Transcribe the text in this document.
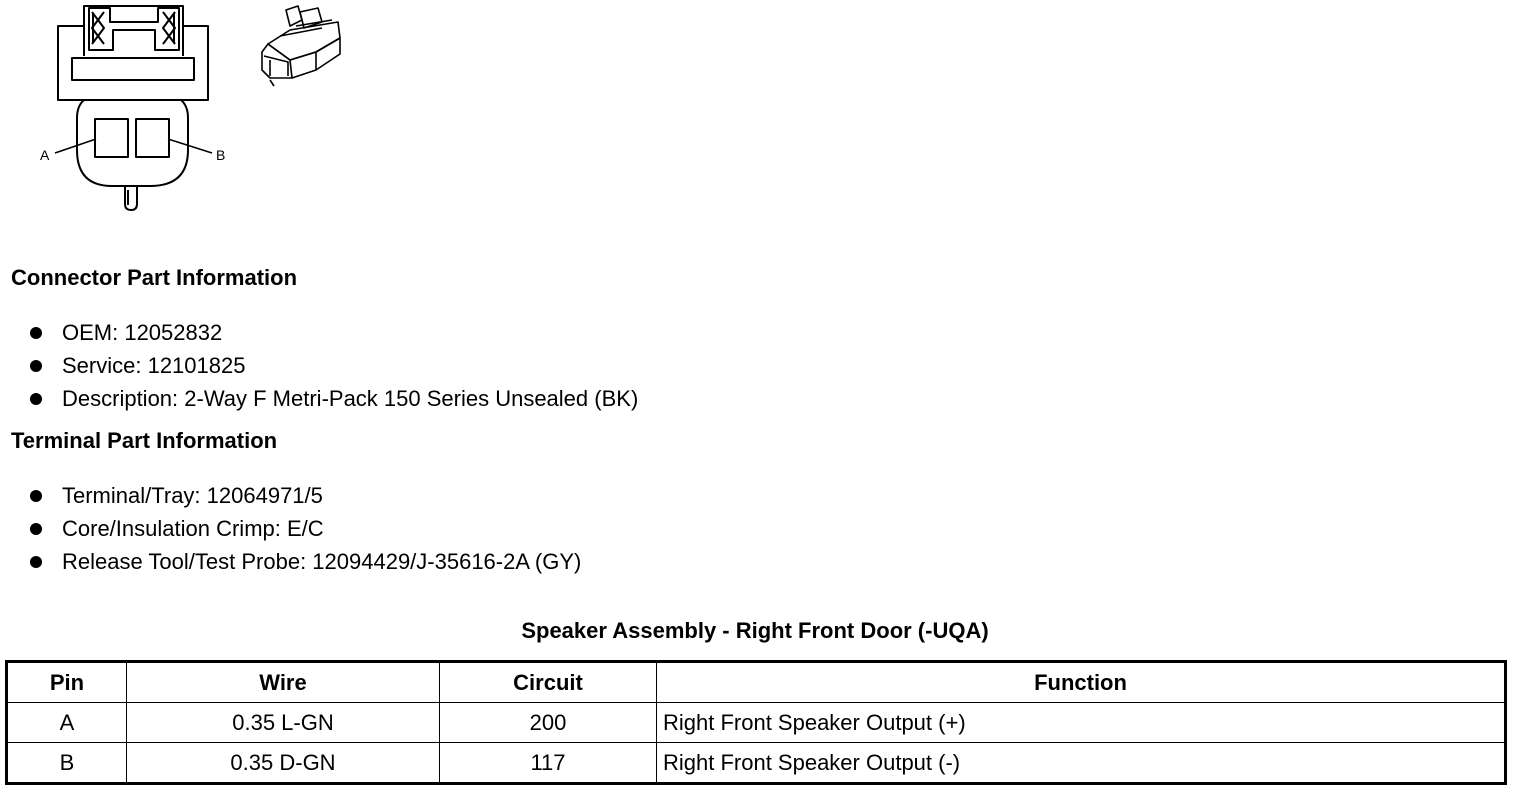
A	B
Connector Part Information
OEM: 12052832
Service: 12101825
Description: 2-Way F Metri-Pack 150 Series Unsealed (BK)
Terminal Part Information
Terminal/Tray: 12064971/5
Core/Insulation Crimp: E/C
Release Tool/Test Probe: 12094429/J-35616-2A (GY)
Speaker Assembly - Right Front Door (-UQA)
Pin	Wire	Circuit	Function
A	0.35 L-GN	200	Right Front Speaker Output (+)
B	0.35 D-GN	117	Right Front Speaker Output (-)
